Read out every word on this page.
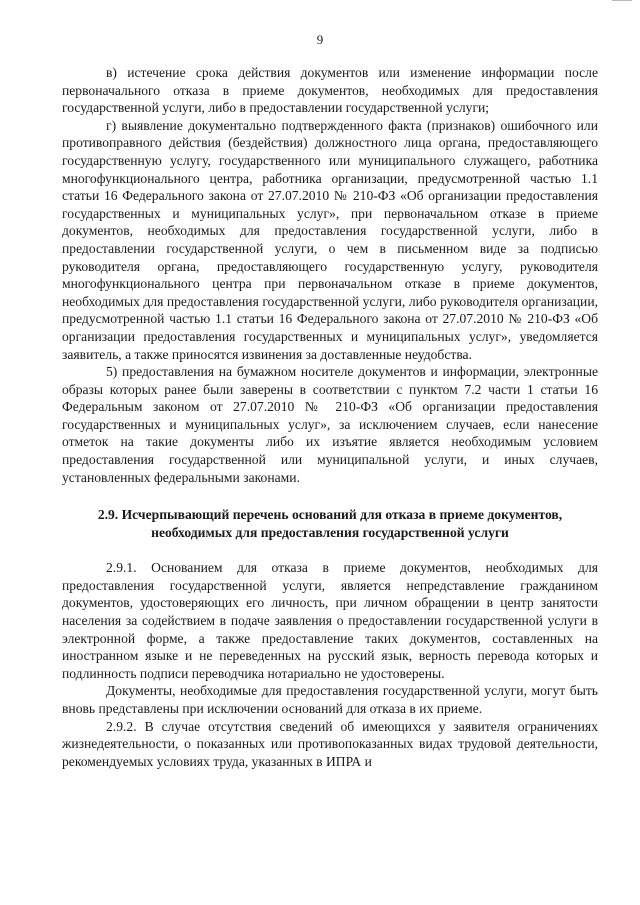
9

в) истечение срока действия документов или изменение информации после первоначального отказа в приеме документов, необходимых для предоставления государственной услуги, либо в предоставлении государственной услуги;

г) выявление документально подтвержденного факта (признаков) ошибочного или противоправного действия (бездействия) должностного лица органа, предоставляющего государственную услугу, государственного или муниципального служащего, работника многофункционального центра, работника организации, предусмотренной частью 1.1 статьи 16 Федерального закона от 27.07.2010 № 210-ФЗ «Об организации предоставления государственных и муниципальных услуг», при первоначальном отказе в приеме документов, необходимых для предоставления государственной услуги, либо в предоставлении государственной услуги, о чем в письменном виде за подписью руководителя органа, предоставляющего государственную услугу, руководителя многофункционального центра при первоначальном отказе в приеме документов, необходимых для предоставления государственной услуги, либо руководителя организации, предусмотренной частью 1.1 статьи 16 Федерального закона от 27.07.2010 № 210-ФЗ «Об организации предоставления государственных и муниципальных услуг», уведомляется заявитель, а также приносятся извинения за доставленные неудобства.

5) предоставления на бумажном носителе документов и информации, электронные образы которых ранее были заверены в соответствии с пунктом 7.2 части 1 статьи 16 Федеральным законом от 27.07.2010 № 210-ФЗ «Об организации предоставления государственных и муниципальных услуг», за исключением случаев, если нанесение отметок на такие документы либо их изъятие является необходимым условием предоставления государственной или муниципальной услуги, и иных случаев, установленных федеральными законами.

2.9. Исчерпывающий перечень оснований для отказа в приеме документов, необходимых для предоставления государственной услуги

2.9.1. Основанием для отказа в приеме документов, необходимых для предоставления государственной услуги, является непредставление гражданином документов, удостоверяющих его личность, при личном обращении в центр занятости населения за содействием в подаче заявления о предоставлении государственной услуги в электронной форме, а также предоставление таких документов, составленных на иностранном языке и не переведенных на русский язык, верность перевода которых и подлинность подписи переводчика нотариально не удостоверены.

Документы, необходимые для предоставления государственной услуги, могут быть вновь представлены при исключении оснований для отказа в их приеме.

2.9.2. В случае отсутствия сведений об имеющихся у заявителя ограничениях жизнедеятельности, о показанных или противопоказанных видах трудовой деятельности, рекомендуемых условиях труда, указанных в ИПРА и
